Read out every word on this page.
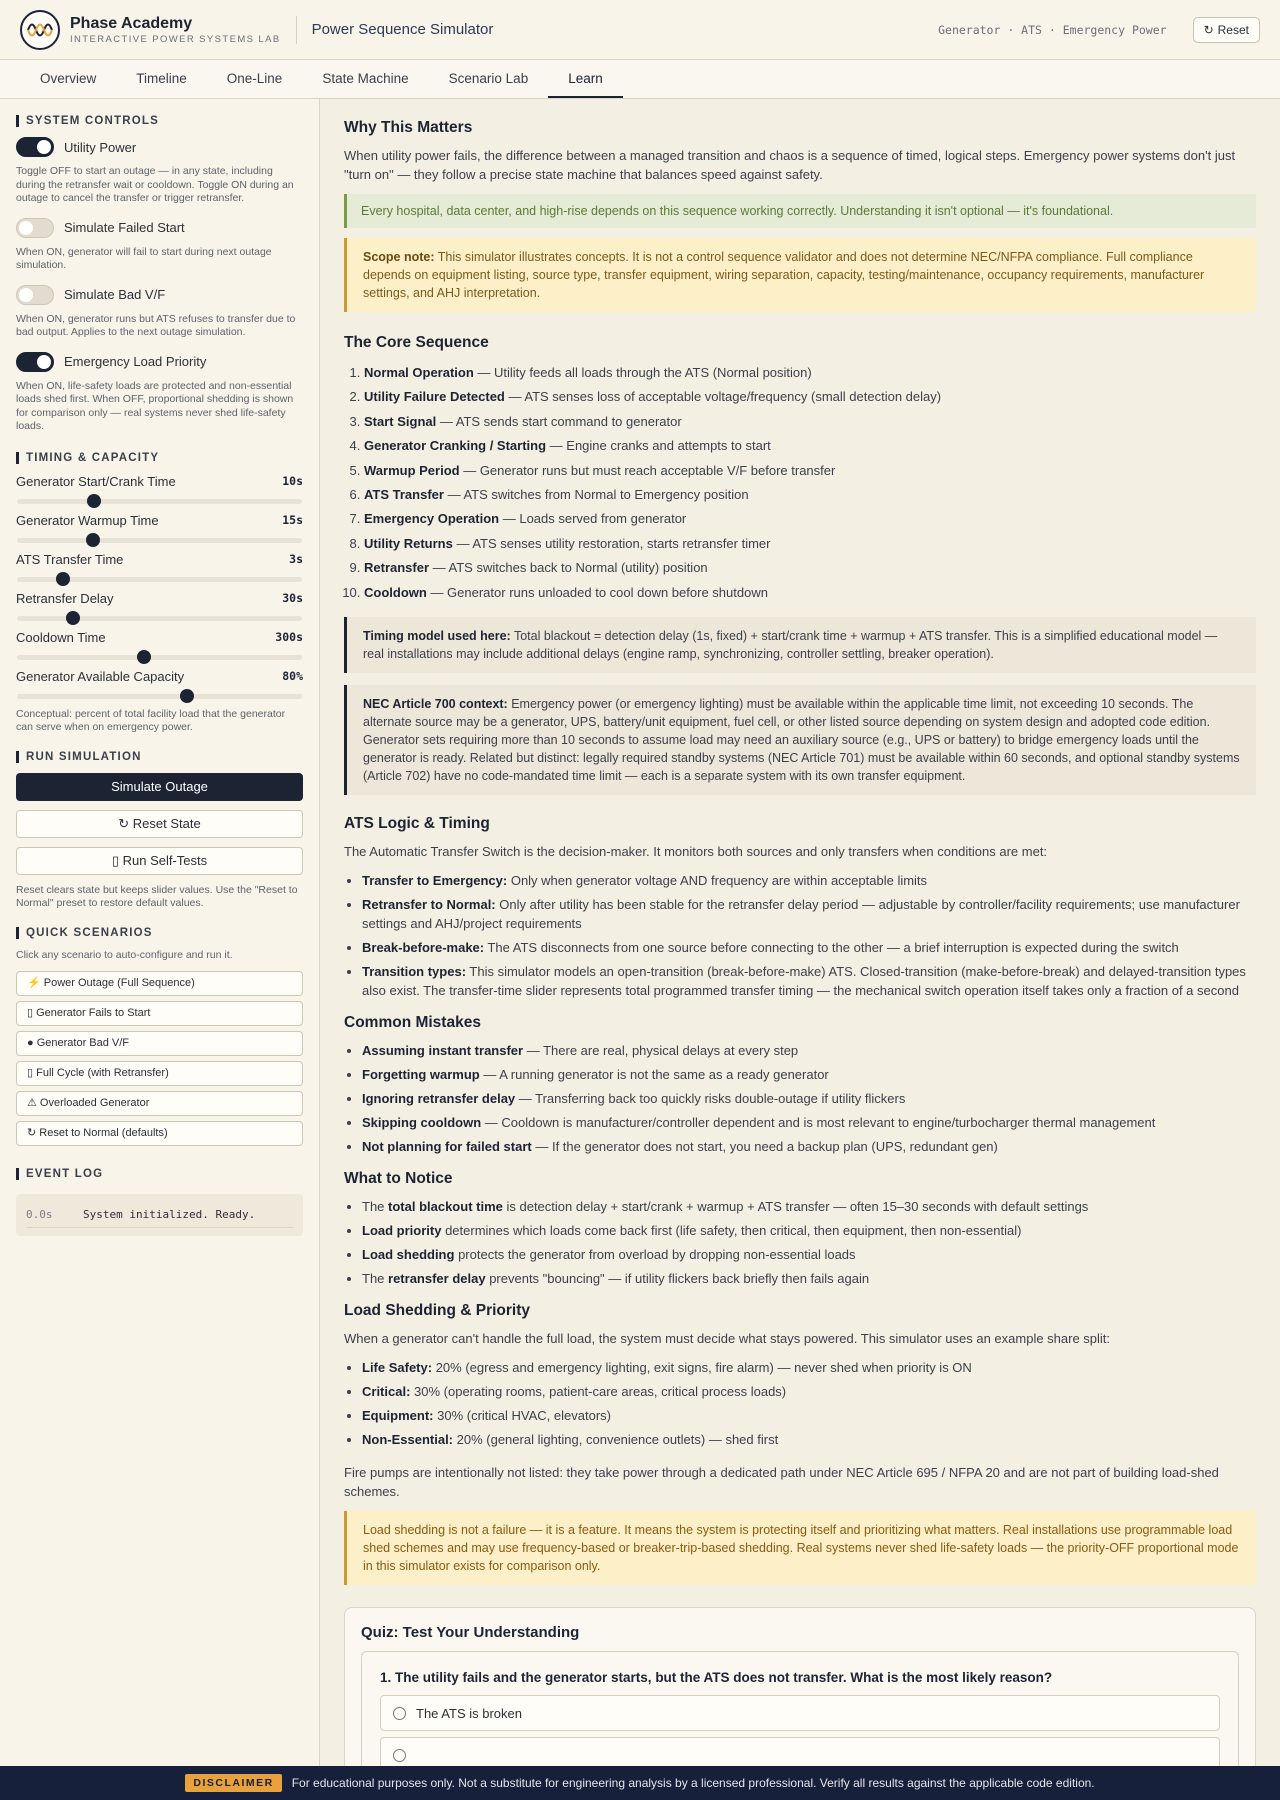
Phase Academy
INTERACTIVE POWER SYSTEMS LAB
Power Sequence Simulator	Generator · ATS · Emergency Power	↻ Reset
Overview	Timeline	One-Line	State Machine	Scenario Lab	Learn
SYSTEM CONTROLS
Utility Power
Toggle OFF to start an outage — in any state, including during the retransfer wait or cooldown. Toggle ON during an outage to cancel the transfer or trigger retransfer.
Simulate Failed Start
When ON, generator will fail to start during next outage simulation.
Simulate Bad V/F
When ON, generator runs but ATS refuses to transfer due to bad output. Applies to the next outage simulation.
Emergency Load Priority
When ON, life-safety loads are protected and non-essential loads shed first. When OFF, proportional shedding is shown for comparison only — real systems never shed life-safety loads.
TIMING & CAPACITY
Generator Start/Crank Time	10s
Generator Warmup Time	15s
ATS Transfer Time	3s
Retransfer Delay	30s
Cooldown Time	300s
Generator Available Capacity	80%
Conceptual: percent of total facility load that the generator can serve when on emergency power.
RUN SIMULATION
Simulate Outage
↻ Reset State
▯ Run Self-Tests
Reset clears state but keeps slider values. Use the "Reset to Normal" preset to restore default values.
QUICK SCENARIOS
Click any scenario to auto-configure and run it.
⚡ Power Outage (Full Sequence)
▯ Generator Fails to Start
● Generator Bad V/F
▯ Full Cycle (with Retransfer)
⚠ Overloaded Generator
↻ Reset to Normal (defaults)
EVENT LOG
0.0s	System initialized. Ready.
Why This Matters

When utility power fails, the difference between a managed transition and chaos is a sequence of timed, logical steps. Emergency power systems don't just "turn on" — they follow a precise state machine that balances speed against safety.

Every hospital, data center, and high-rise depends on this sequence working correctly. Understanding it isn't optional — it's foundational.
Scope note: This simulator illustrates concepts. It is not a control sequence validator and does not determine NEC/NFPA compliance. Full compliance depends on equipment listing, source type, transfer equipment, wiring separation, capacity, testing/maintenance, occupancy requirements, manufacturer settings, and AHJ interpretation.
The Core Sequence
1. Normal Operation — Utility feeds all loads through the ATS (Normal position)
2. Utility Failure Detected — ATS senses loss of acceptable voltage/frequency (small detection delay)
3. Start Signal — ATS sends start command to generator
4. Generator Cranking / Starting — Engine cranks and attempts to start
5. Warmup Period — Generator runs but must reach acceptable V/F before transfer
6. ATS Transfer — ATS switches from Normal to Emergency position
7. Emergency Operation — Loads served from generator
8. Utility Returns — ATS senses utility restoration, starts retransfer timer
9. Retransfer — ATS switches back to Normal (utility) position
10. Cooldown — Generator runs unloaded to cool down before shutdown
Timing model used here: Total blackout = detection delay (1s, fixed) + start/crank time + warmup + ATS transfer. This is a simplified educational model — real installations may include additional delays (engine ramp, synchronizing, controller settling, breaker operation).
NEC Article 700 context: Emergency power (or emergency lighting) must be available within the applicable time limit, not exceeding 10 seconds. The alternate source may be a generator, UPS, battery/unit equipment, fuel cell, or other listed source depending on system design and adopted code edition. Generator sets requiring more than 10 seconds to assume load may need an auxiliary source (e.g., UPS or battery) to bridge emergency loads until the generator is ready. Related but distinct: legally required standby systems (NEC Article 701) must be available within 60 seconds, and optional standby systems (Article 702) have no code-mandated time limit — each is a separate system with its own transfer equipment.
ATS Logic & Timing

The Automatic Transfer Switch is the decision-maker. It monitors both sources and only transfers when conditions are met:

• Transfer to Emergency: Only when generator voltage AND frequency are within acceptable limits
• Retransfer to Normal: Only after utility has been stable for the retransfer delay period — adjustable by controller/facility requirements; use manufacturer settings and AHJ/project requirements
• Break-before-make: The ATS disconnects from one source before connecting to the other — a brief interruption is expected during the switch
• Transition types: This simulator models an open-transition (break-before-make) ATS. Closed-transition (make-before-break) and delayed-transition types also exist. The transfer-time slider represents total programmed transfer timing — the mechanical switch operation itself takes only a fraction of a second
Common Mistakes
• Assuming instant transfer — There are real, physical delays at every step
• Forgetting warmup — A running generator is not the same as a ready generator
• Ignoring retransfer delay — Transferring back too quickly risks double-outage if utility flickers
• Skipping cooldown — Cooldown is manufacturer/controller dependent and is most relevant to engine/turbocharger thermal management
• Not planning for failed start — If the generator does not start, you need a backup plan (UPS, redundant gen)
What to Notice
• The total blackout time is detection delay + start/crank + warmup + ATS transfer — often 15–30 seconds with default settings
• Load priority determines which loads come back first (life safety, then critical, then equipment, then non-essential)
• Load shedding protects the generator from overload by dropping non-essential loads
• The retransfer delay prevents "bouncing" — if utility flickers back briefly then fails again
Load Shedding & Priority

When a generator can't handle the full load, the system must decide what stays powered. This simulator uses an example share split:

• Life Safety: 20% (egress and emergency lighting, exit signs, fire alarm) — never shed when priority is ON
• Critical: 30% (operating rooms, patient-care areas, critical process loads)
• Equipment: 30% (critical HVAC, elevators)
• Non-Essential: 20% (general lighting, convenience outlets) — shed first

Fire pumps are intentionally not listed: they take power through a dedicated path under NEC Article 695 / NFPA 20 and are not part of building load-shed schemes.

Load shedding is not a failure — it is a feature. It means the system is protecting itself and prioritizing what matters. Real installations use programmable load shed schemes and may use frequency-based or breaker-trip-based shedding. Real systems never shed life-safety loads — the priority-OFF proportional mode in this simulator exists for comparison only.
Quiz: Test Your Understanding
1. The utility fails and the generator starts, but the ATS does not transfer. What is the most likely reason?
The ATS is broken
DISCLAIMER	For educational purposes only. Not a substitute for engineering analysis by a licensed professional. Verify all results against the applicable code edition.
